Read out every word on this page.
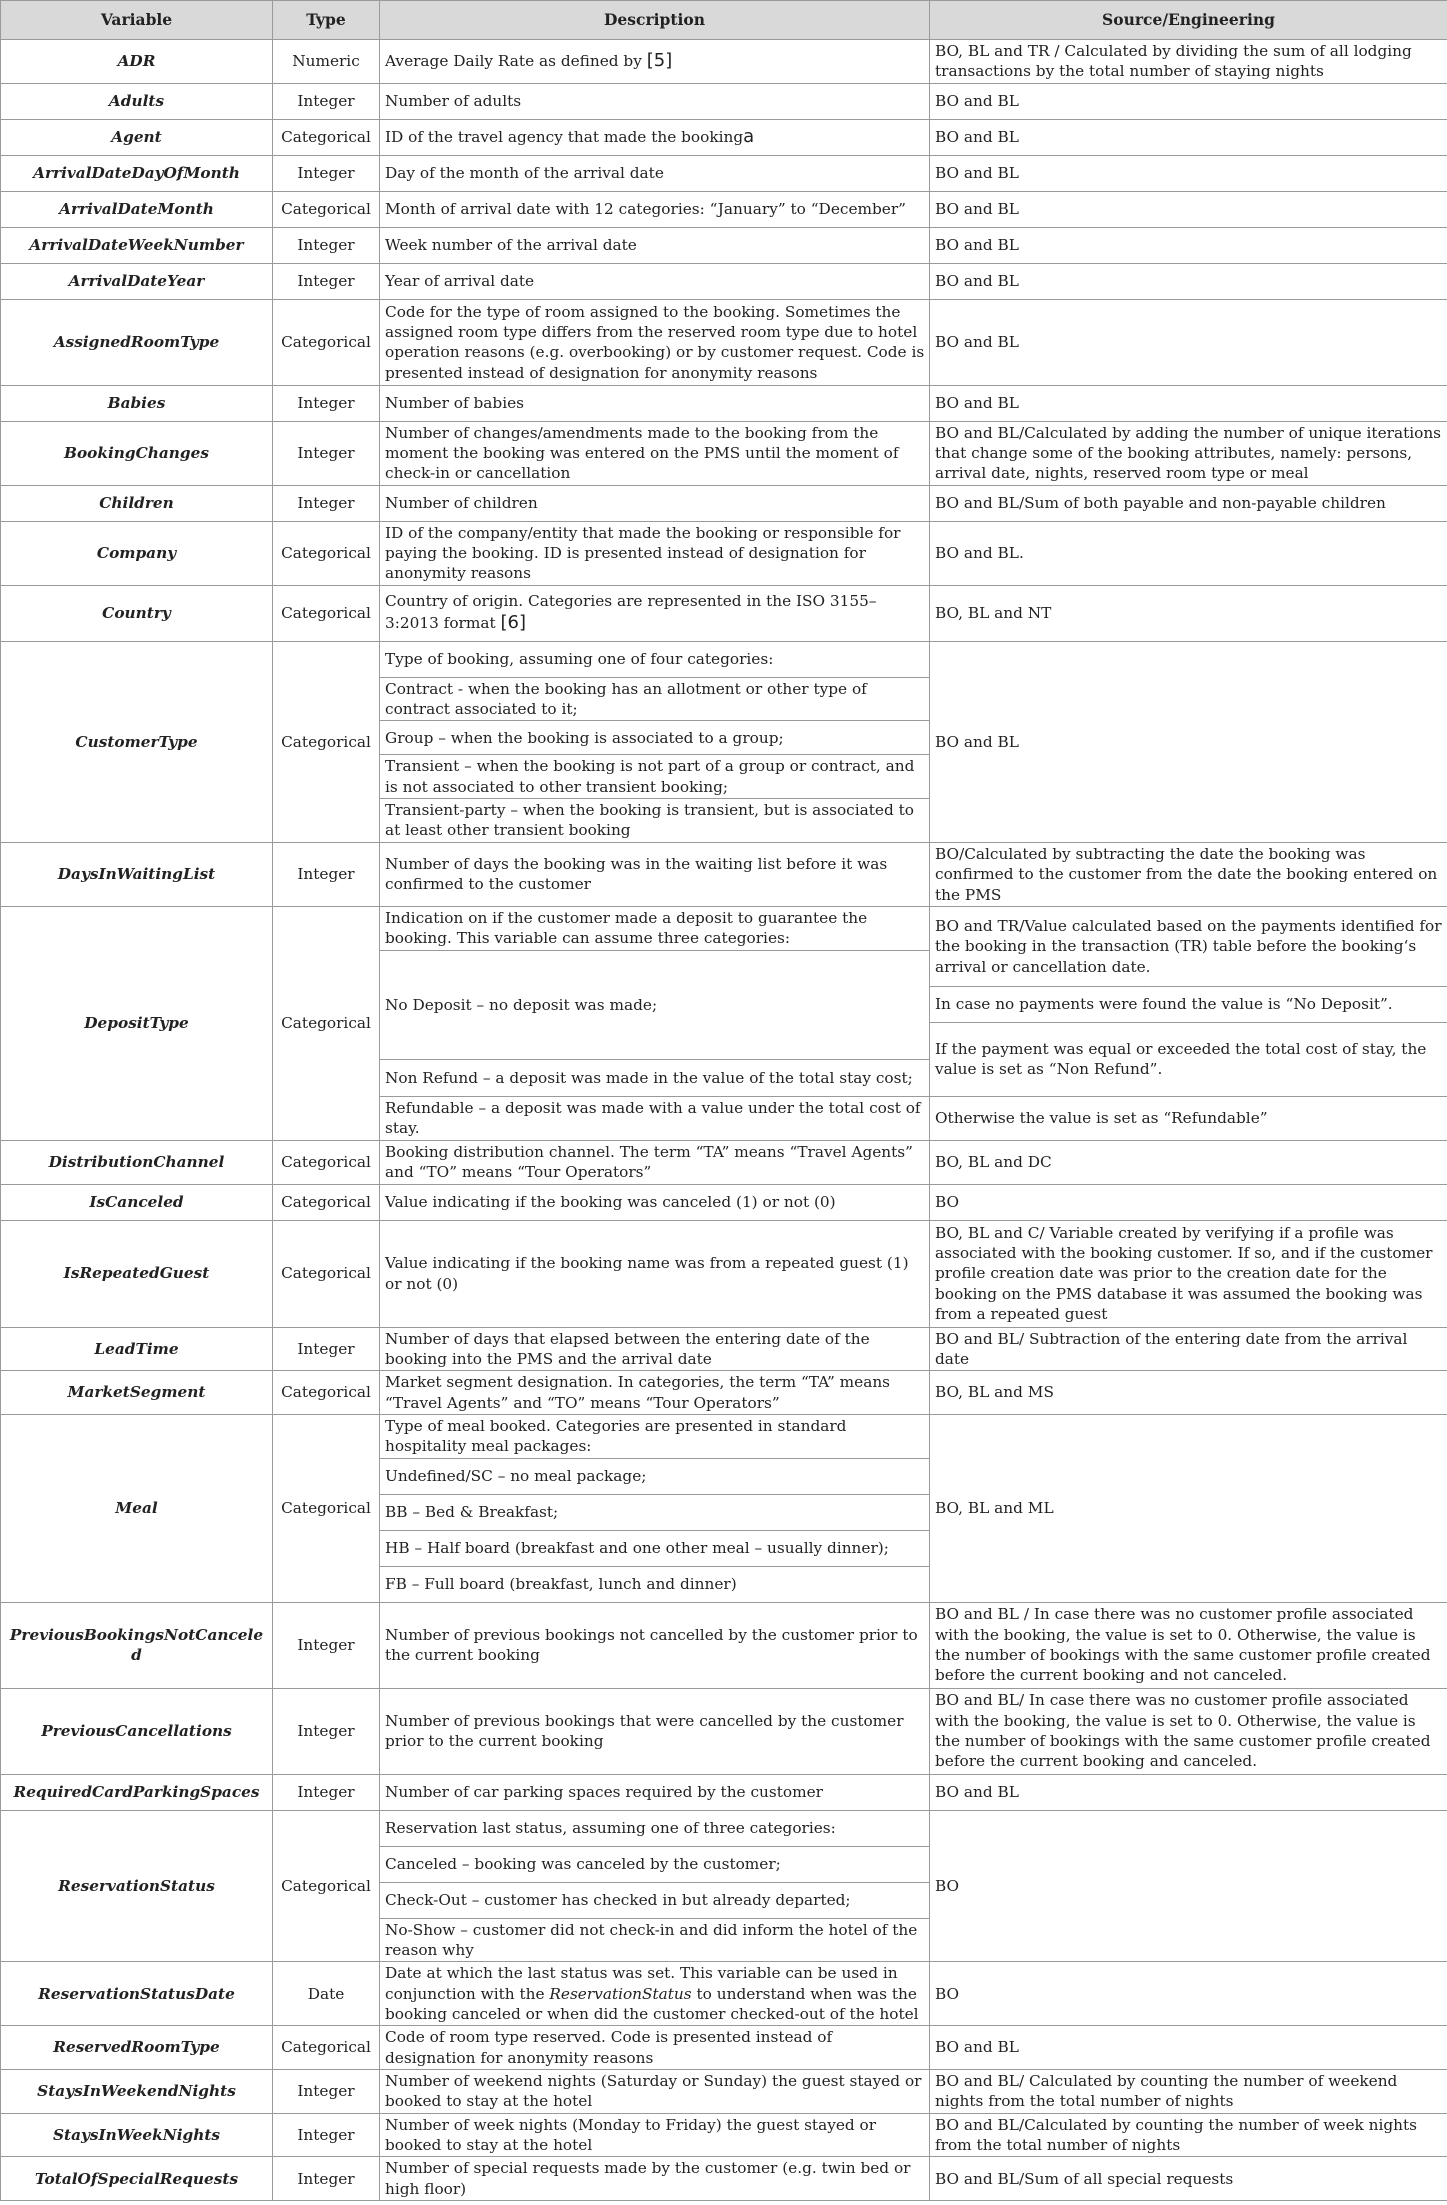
Variable	Type	Description	Source/Engineering
ADR	Numeric	Average Daily Rate as defined by [5]	BO, BL and TR / Calculated by dividing the sum of all lodging transactions by the total number of staying nights
Adults	Integer	Number of adults	BO and BL
Agent	Categorical	ID of the travel agency that made the bookinga	BO and BL
ArrivalDateDayOfMonth	Integer	Day of the month of the arrival date	BO and BL
ArrivalDateMonth	Categorical	Month of arrival date with 12 categories: “January” to “December”	BO and BL
ArrivalDateWeekNumber	Integer	Week number of the arrival date	BO and BL
ArrivalDateYear	Integer	Year of arrival date	BO and BL
AssignedRoomType	Categorical	Code for the type of room assigned to the booking. Sometimes the assigned room type differs from the reserved room type due to hotel operation reasons (e.g. overbooking) or by customer request. Code is presented instead of designation for anonymity reasons	BO and BL
Babies	Integer	Number of babies	BO and BL
BookingChanges	Integer	Number of changes/amendments made to the booking from the moment the booking was entered on the PMS until the moment of check-in or cancellation	BO and BL/Calculated by adding the number of unique iterations that change some of the booking attributes, namely: persons, arrival date, nights, reserved room type or meal
Children	Integer	Number of children	BO and BL/Sum of both payable and non-payable children
Company	Categorical	ID of the company/entity that made the booking or responsible for paying the booking. ID is presented instead of designation for anonymity reasons	BO and BL.
Country	Categorical	Country of origin. Categories are represented in the ISO 3155–3:2013 format [6]	BO, BL and NT
CustomerType	Categorical	Type of booking, assuming one of four categories:	BO and BL
		Contract - when the booking has an allotment or other type of contract associated to it;	
		Group – when the booking is associated to a group;	
		Transient – when the booking is not part of a group or contract, and is not associated to other transient booking;	
		Transient-party – when the booking is transient, but is associated to at least other transient booking	
DaysInWaitingList	Integer	Number of days the booking was in the waiting list before it was confirmed to the customer	BO/Calculated by subtracting the date the booking was confirmed to the customer from the date the booking entered on the PMS
DepositType	Categorical	Indication on if the customer made a deposit to guarantee the booking. This variable can assume three categories:	BO and TR/Value calculated based on the payments identified for the booking in the transaction (TR) table before the booking‘s arrival or cancellation date.
		No Deposit – no deposit was made;	
			In case no payments were found the value is “No Deposit”.
			If the payment was equal or exceeded the total cost of stay, the value is set as “Non Refund”.
		Non Refund – a deposit was made in the value of the total stay cost;	
		Refundable – a deposit was made with a value under the total cost of stay.	Otherwise the value is set as “Refundable”
DistributionChannel	Categorical	Booking distribution channel. The term “TA” means “Travel Agents” and “TO” means “Tour Operators”	BO, BL and DC
IsCanceled	Categorical	Value indicating if the booking was canceled (1) or not (0)	BO
IsRepeatedGuest	Categorical	Value indicating if the booking name was from a repeated guest (1) or not (0)	BO, BL and C/ Variable created by verifying if a profile was associated with the booking customer. If so, and if the customer profile creation date was prior to the creation date for the booking on the PMS database it was assumed the booking was from a repeated guest
LeadTime	Integer	Number of days that elapsed between the entering date of the booking into the PMS and the arrival date	BO and BL/ Subtraction of the entering date from the arrival date
MarketSegment	Categorical	Market segment designation. In categories, the term “TA” means “Travel Agents” and “TO” means “Tour Operators”	BO, BL and MS
Meal	Categorical	Type of meal booked. Categories are presented in standard hospitality meal packages:	BO, BL and ML
		Undefined/SC – no meal package;	
		BB – Bed & Breakfast;	
		HB – Half board (breakfast and one other meal – usually dinner);	
		FB – Full board (breakfast, lunch and dinner)	
PreviousBookingsNotCanceled	Integer	Number of previous bookings not cancelled by the customer prior to the current booking	BO and BL / In case there was no customer profile associated with the booking, the value is set to 0. Otherwise, the value is the number of bookings with the same customer profile created before the current booking and not canceled.
PreviousCancellations	Integer	Number of previous bookings that were cancelled by the customer prior to the current booking	BO and BL/ In case there was no customer profile associated with the booking, the value is set to 0. Otherwise, the value is the number of bookings with the same customer profile created before the current booking and canceled.
RequiredCardParkingSpaces	Integer	Number of car parking spaces required by the customer	BO and BL
ReservationStatus	Categorical	Reservation last status, assuming one of three categories:	BO
		Canceled – booking was canceled by the customer;	
		Check-Out – customer has checked in but already departed;	
		No-Show – customer did not check-in and did inform the hotel of the reason why	
ReservationStatusDate	Date	Date at which the last status was set. This variable can be used in conjunction with the ReservationStatus to understand when was the booking canceled or when did the customer checked-out of the hotel	BO
ReservedRoomType	Categorical	Code of room type reserved. Code is presented instead of designation for anonymity reasons	BO and BL
StaysInWeekendNights	Integer	Number of weekend nights (Saturday or Sunday) the guest stayed or booked to stay at the hotel	BO and BL/ Calculated by counting the number of weekend nights from the total number of nights
StaysInWeekNights	Integer	Number of week nights (Monday to Friday) the guest stayed or booked to stay at the hotel	BO and BL/Calculated by counting the number of week nights from the total number of nights
TotalOfSpecialRequests	Integer	Number of special requests made by the customer (e.g. twin bed or high floor)	BO and BL/Sum of all special requests
